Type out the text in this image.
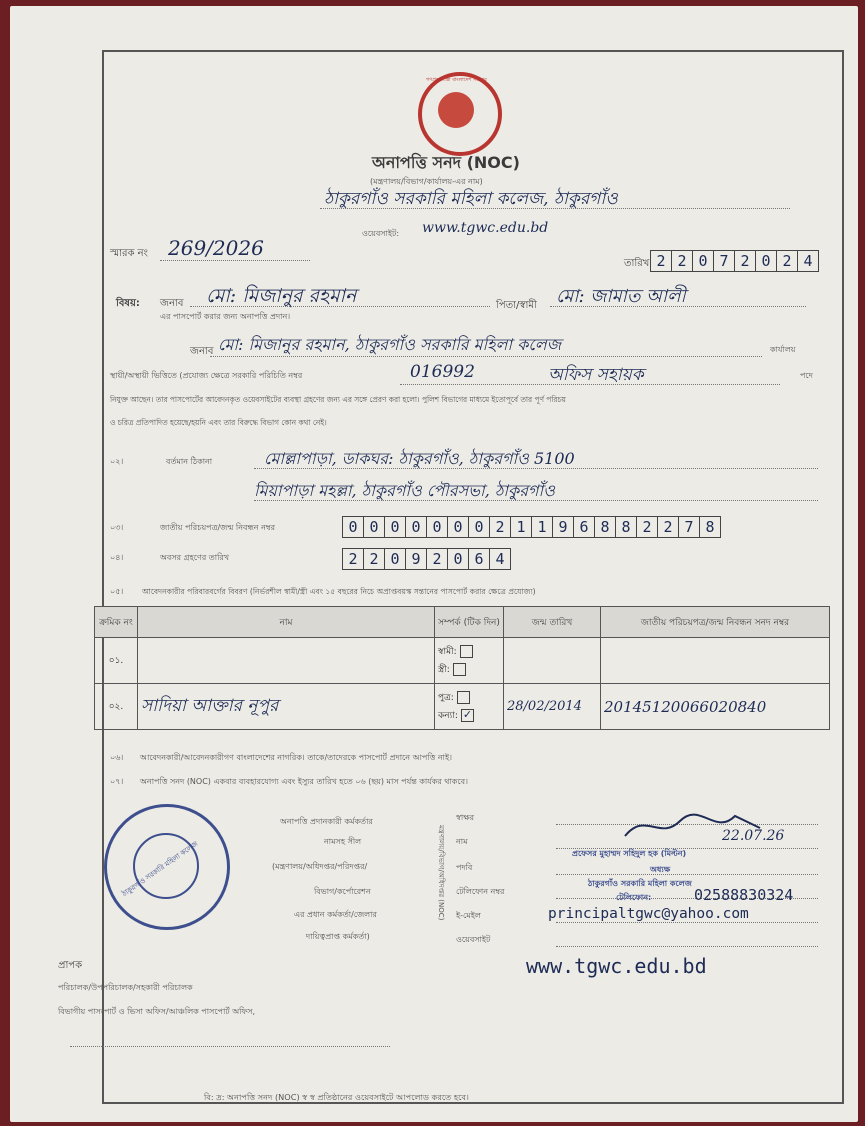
গণপ্রজাতন্ত্রী বাংলাদেশ সরকার
অনাপত্তি সনদ (NOC)
(মন্ত্রণালয়/বিভাগ/কার্যালয়-এর নাম)
ঠাকুরগাঁও সরকারি মহিলা কলেজ, ঠাকুরগাঁও
ওয়েবসাইট: www.tgwc.edu.bd
স্মারক নং 269/2026
তারিখ 2 2 0 7 2 0 2 4
বিষয়: জনাব মো: মিজানুর রহমান	পিতা/স্বামী মো: জামাত আলী
এর পাসপোর্ট করার জন্য অনাপত্তি প্রদান।
জনাব মো: মিজানুর রহমান, ঠাকুরগাঁও সরকারি মহিলা কলেজ	কার্যালয়
স্থায়ী/অস্থায়ী ভিত্তিতে (প্রযোজ্য ক্ষেত্রে সরকারি পরিচিতি নম্বর	016992	অফিস সহায়ক	পদে
নিযুক্ত আছেন। তার পাসপোর্টের আবেদনকৃত ওয়েবসাইটের ব্যবস্থা গ্রহণের জন্য এর সঙ্গে প্রেরণ করা হলো। পুলিশ বিভাগের মাধ্যমে ইতোপূর্বে তার পূর্ণ পরিচয়
ও চরিত্র প্রতিপাদিত হয়েছে/হয়নি এবং তার বিরুদ্ধে বিভাগ কোন কথা নেই।
০২।	বর্তমান ঠিকানা	মোল্লাপাড়া, ডাকঘর: ঠাকুরগাঁও, ঠাকুরগাঁও 5100
মিয়াপাড়া মহল্লা, ঠাকুরগাঁও পৌরসভা, ঠাকুরগাঁও
০৩।	জাতীয় পরিচয়পত্র/জন্ম নিবন্ধন নম্বর	0 0 0 0 0 0 0 2 1 1 9 6 8 8 2 2 7 8
০৪।	অবসর গ্রহণের তারিখ	2 2 0 9 2 0 6 4
০৫। আবেদনকারীর পরিবারবর্গের বিবরণ (নির্ভরশীল স্বামী/স্ত্রী এবং ১৫ বছরের নিচে অপ্রাপ্তবয়স্ক সন্তানের পাসপোর্ট করার ক্ষেত্রে প্রযোজ্য)
ক্রমিক নং	নাম	সম্পর্ক (টিক দিন)	জন্ম তারিখ	জাতীয় পরিচয়পত্র/জন্ম নিবন্ধন সনদ নম্বর
০১.		স্বামী:
স্ত্রী:		
০২.	সাদিয়া আক্তার নূপুর	পুত্র:
কন্যা: ✓	28/02/2014	20145120066020840
০৬। আবেদনকারী/আবেদনকারীগণ বাংলাদেশের নাগরিক। তাকে/তাদেরকে পাসপোর্ট প্রদানে আপত্তি নাই।
০৭। অনাপত্তি সনদ (NOC) একবার ব্যবহারযোগ্য এবং ইস্যুর তারিখ হতে ০৬ (ছয়) মাস পর্যন্ত কার্যকর থাকবে।
ঠাকুরগাঁও সরকারি মহিলা কলেজ
অনাপত্তি প্রদানকারী কর্মকর্তার
নামসহ সীল
(মন্ত্রণালয়/অধিদপ্তর/পরিদপ্তর/
বিভাগ/কর্পোরেশন
এর প্রধান কর্মকর্তা/জেলার
দায়িত্বপ্রাপ্ত কর্মকর্তা)
মন্ত্রণালয়/বিভাগ/অধিদপ্তর (NOC)
স্বাক্ষর
নাম
পদবি
টেলিফোন নম্বর
ই-মেইল
ওয়েবসাইট
22.07.26
প্রফেসর মুহাম্মদ সহিদুল হক (মিল্টন)
অধ্যক্ষ
ঠাকুরগাঁও সরকারি মহিলা কলেজ
টেলিফোন:	02588830324
principaltgwc@yahoo.com
www.tgwc.edu.bd
প্রাপক
পরিচালক/উপপরিচালক/সহকারী পরিচালক
বিভাগীয় পাসপোর্ট ও ভিসা অফিস/আঞ্চলিক পাসপোর্ট অফিস,
বি: দ্র: অনাপত্তি সনদ (NOC) স্ব স্ব প্রতিষ্ঠানের ওয়েবসাইটে আপলোড করতে হবে।
